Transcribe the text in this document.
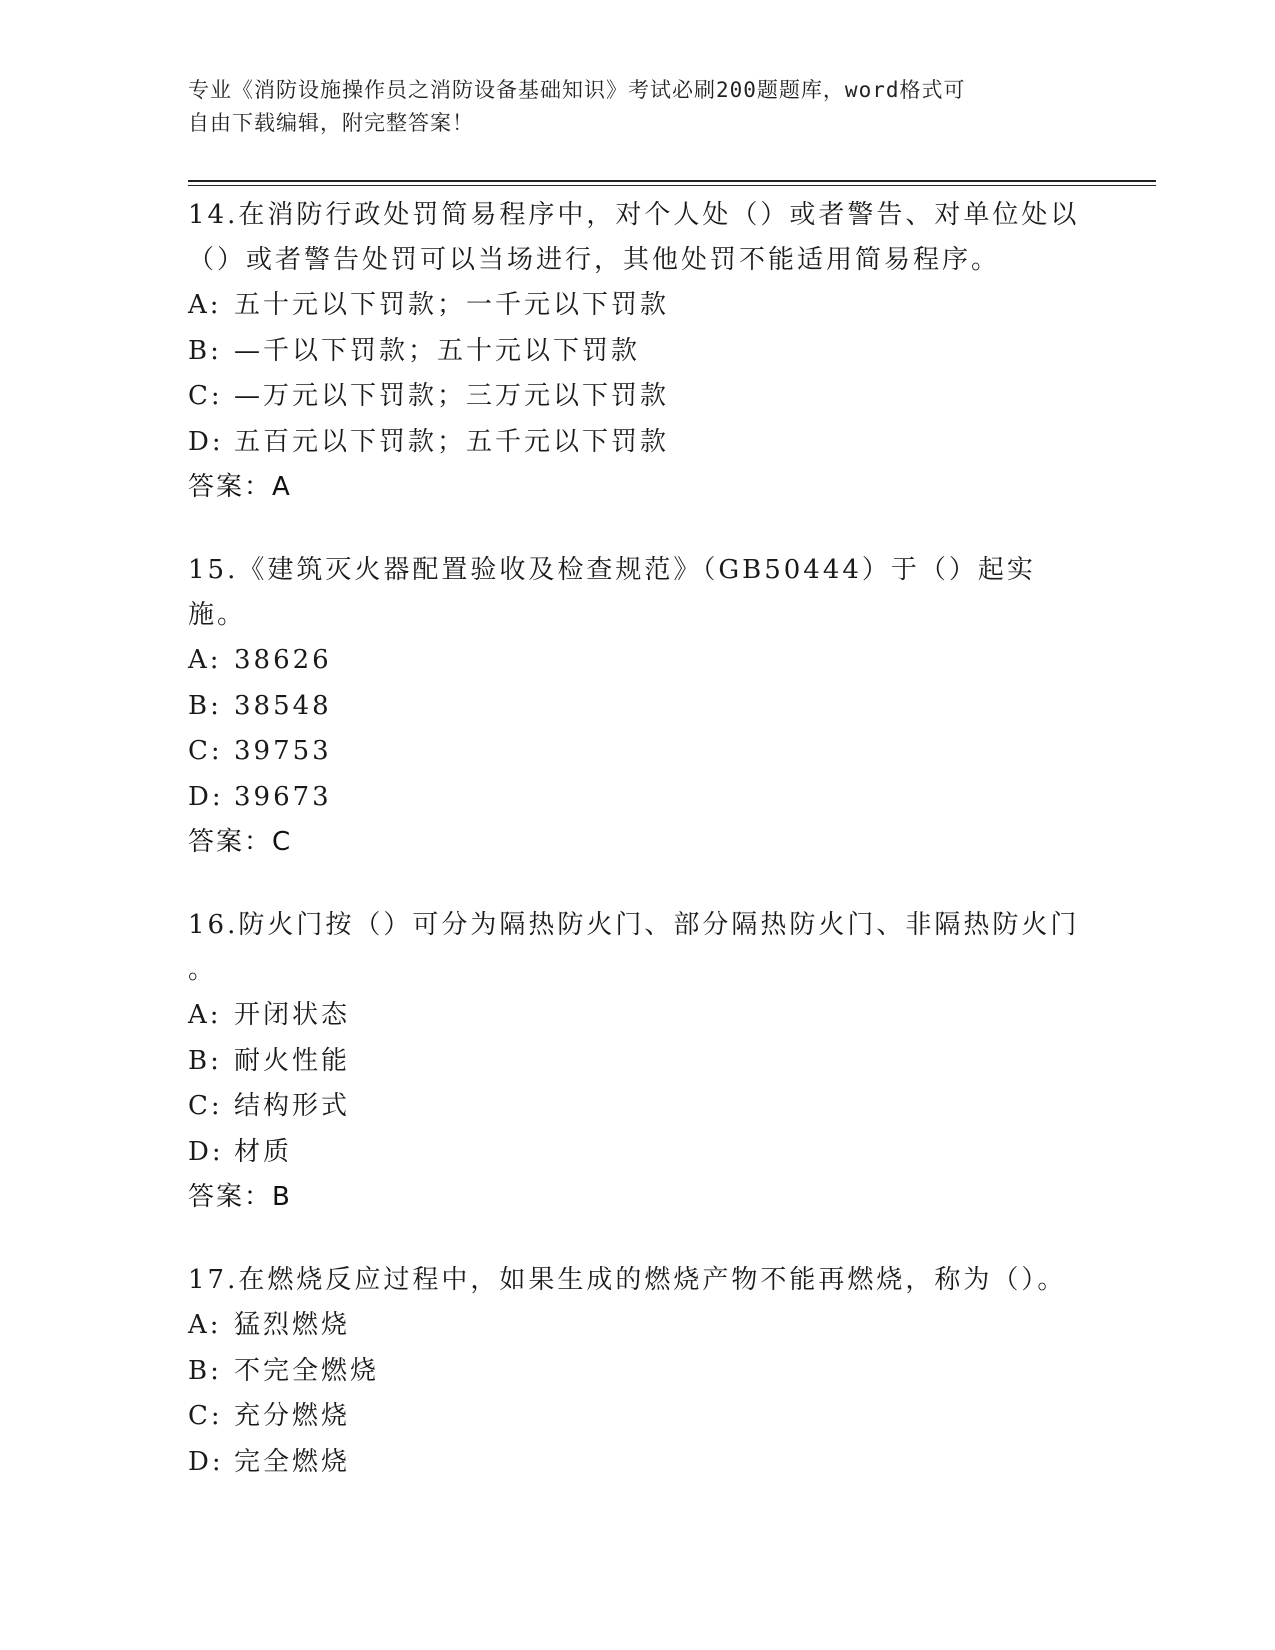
专业《消防设施操作员之消防设备基础知识》考试必刷200题题库，word格式可
自由下载编辑，附完整答案！

14.在消防行政处罚简易程序中，对个人处（）或者警告、对单位处以

（）或者警告处罚可以当场进行，其他处罚不能适用简易程序。

A: 五十元以下罚款；一千元以下罚款

B: —千以下罚款；五十元以下罚款

C: —万元以下罚款；三万元以下罚款

D: 五百元以下罚款；五千元以下罚款

答案：A

15.《建筑灭火器配置验收及检查规范》（GB50444）于（）起实施。

A: 38626

B: 38548

C: 39753

D: 39673

答案：C

16.防火门按（）可分为隔热防火门、部分隔热防火门、非隔热防火门

。

A: 开闭状态

B: 耐火性能

C: 结构形式

D: 材质

答案：B

17.在燃烧反应过程中，如果生成的燃烧产物不能再燃烧，称为（）。

A: 猛烈燃烧

B: 不完全燃烧

C: 充分燃烧

D: 完全燃烧
